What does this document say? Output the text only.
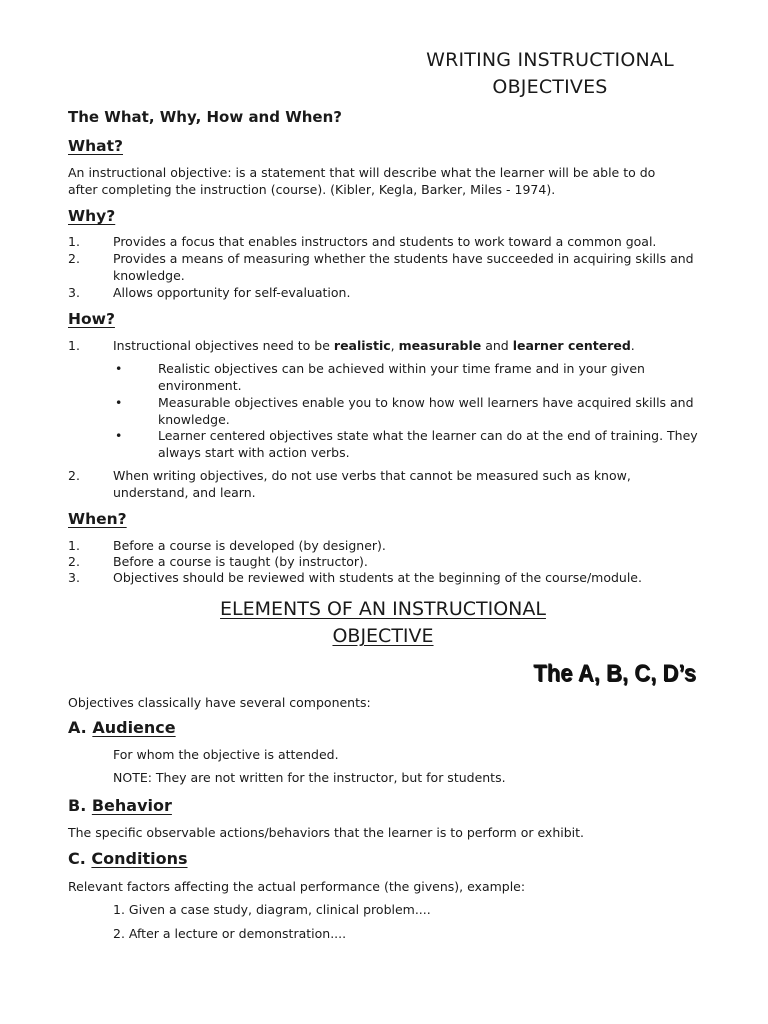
WRITING INSTRUCTIONAL
OBJECTIVES
The What, Why, How and When?
What?
An instructional objective: is a statement that will describe what the learner will be able to do
after completing the instruction (course). (Kibler, Kegla, Barker, Miles - 1974).
Why?
1.	Provides a focus that enables instructors and students to work toward a common goal.
2.	Provides a means of measuring whether the students have succeeded in acquiring skills and
knowledge.
3.	Allows opportunity for self-evaluation.
How?
1.	Instructional objectives need to be realistic, measurable and learner centered.
•	Realistic objectives can be achieved within your time frame and in your given
environment.
•	Measurable objectives enable you to know how well learners have acquired skills and
knowledge.
•	Learner centered objectives state what the learner can do at the end of training. They
always start with action verbs.
2.	When writing objectives, do not use verbs that cannot be measured such as know,
understand, and learn.
When?
1.	Before a course is developed (by designer).
2.	Before a course is taught (by instructor).
3.	Objectives should be reviewed with students at the beginning of the course/module.
ELEMENTS OF AN INSTRUCTIONAL
OBJECTIVE
The A, B, C, D’s
Objectives classically have several components:
A. Audience
For whom the objective is attended.
NOTE: They are not written for the instructor, but for students.
B. Behavior
The specific observable actions/behaviors that the learner is to perform or exhibit.
C. Conditions
Relevant factors affecting the actual performance (the givens), example:
1. Given a case study, diagram, clinical problem....
2. After a lecture or demonstration....
